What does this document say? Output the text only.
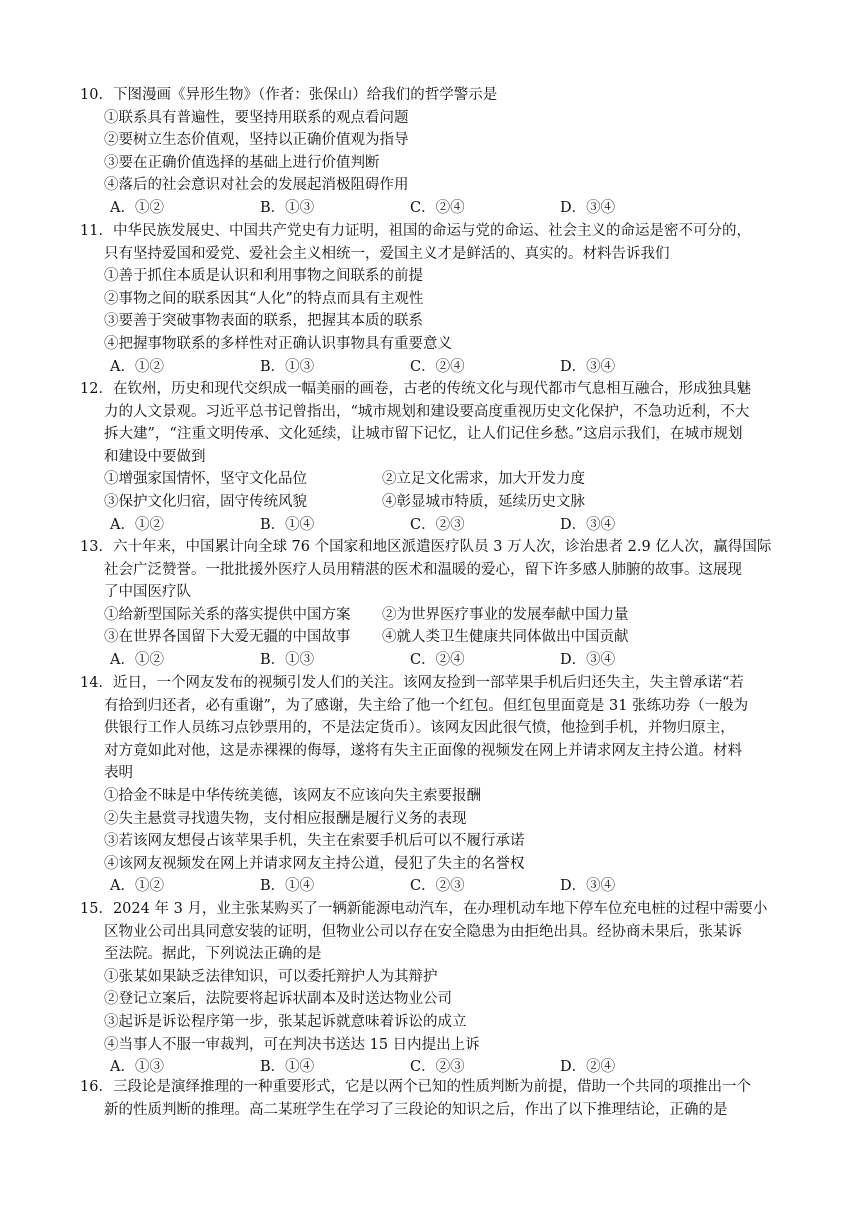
10．下图漫画《异形生物》（作者：张保山）给我们的哲学警示是
①联系具有普遍性，要坚持用联系的观点看问题
②要树立生态价值观，坚持以正确价值观为指导
③要在正确价值选择的基础上进行价值判断
④落后的社会意识对社会的发展起消极阻碍作用
A．①②	B．①③	C．②④	D．③④
11．中华民族发展史、中国共产党史有力证明，祖国的命运与党的命运、社会主义的命运是密不可分的，
只有坚持爱国和爱党、爱社会主义相统一，爱国主义才是鲜活的、真实的。材料告诉我们
①善于抓住本质是认识和利用事物之间联系的前提
②事物之间的联系因其“人化”的特点而具有主观性
③要善于突破事物表面的联系，把握其本质的联系
④把握事物联系的多样性对正确认识事物具有重要意义
A．①②	B．①③	C．②④	D．③④
12．在钦州，历史和现代交织成一幅美丽的画卷，古老的传统文化与现代都市气息相互融合，形成独具魅
力的人文景观。习近平总书记曾指出，“城市规划和建设要高度重视历史文化保护，不急功近利，不大
拆大建”，“注重文明传承、文化延续，让城市留下记忆，让人们记住乡愁。”这启示我们，在城市规划
和建设中要做到
①增强家国情怀，坚守文化品位	②立足文化需求，加大开发力度
③保护文化归宿，固守传统风貌	④彰显城市特质，延续历史文脉
A．①②	B．①④	C．②③	D．③④
13．六十年来，中国累计向全球 76 个国家和地区派遣医疗队员 3 万人次，诊治患者 2.9 亿人次，赢得国际
社会广泛赞誉。一批批援外医疗人员用精湛的医术和温暖的爱心，留下许多感人肺腑的故事。这展现
了中国医疗队
①给新型国际关系的落实提供中国方案	②为世界医疗事业的发展奉献中国力量
③在世界各国留下大爱无疆的中国故事	④就人类卫生健康共同体做出中国贡献
A．①②	B．①③	C．②④	D．③④
14．近日，一个网友发布的视频引发人们的关注。该网友捡到一部苹果手机后归还失主，失主曾承诺“若
有拾到归还者，必有重谢”，为了感谢，失主给了他一个红包。但红包里面竟是 31 张练功券（一般为
供银行工作人员练习点钞票用的，不是法定货币）。该网友因此很气愤，他捡到手机，并物归原主，
对方竟如此对他，这是赤裸裸的侮辱，遂将有失主正面像的视频发在网上并请求网友主持公道。材料
表明
①拾金不昧是中华传统美德，该网友不应该向失主索要报酬
②失主悬赏寻找遗失物，支付相应报酬是履行义务的表现
③若该网友想侵占该苹果手机，失主在索要手机后可以不履行承诺
④该网友视频发在网上并请求网友主持公道，侵犯了失主的名誉权
A．①②	B．①④	C．②③	D．③④
15．2024 年 3 月，业主张某购买了一辆新能源电动汽车，在办理机动车地下停车位充电桩的过程中需要小
区物业公司出具同意安装的证明，但物业公司以存在安全隐患为由拒绝出具。经协商未果后，张某诉
至法院。据此，下列说法正确的是
①张某如果缺乏法律知识，可以委托辩护人为其辩护
②登记立案后，法院要将起诉状副本及时送达物业公司
③起诉是诉讼程序第一步，张某起诉就意味着诉讼的成立
④当事人不服一审裁判，可在判决书送达 15 日内提出上诉
A．①③	B．①④	C．②③	D．②④
16．三段论是演绎推理的一种重要形式，它是以两个已知的性质判断为前提，借助一个共同的项推出一个
新的性质判断的推理。高二某班学生在学习了三段论的知识之后，作出了以下推理结论，正确的是
